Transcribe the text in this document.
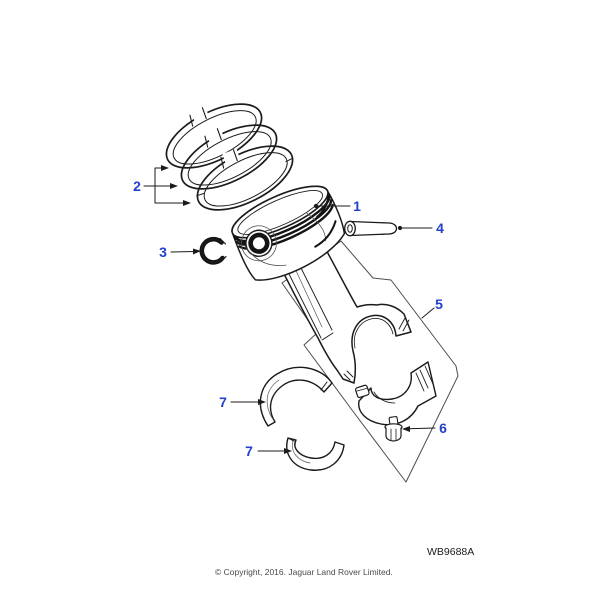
1
2
3
4
5
6
7
7
WB9688A
© Copyright, 2016. Jaguar Land Rover Limited.
